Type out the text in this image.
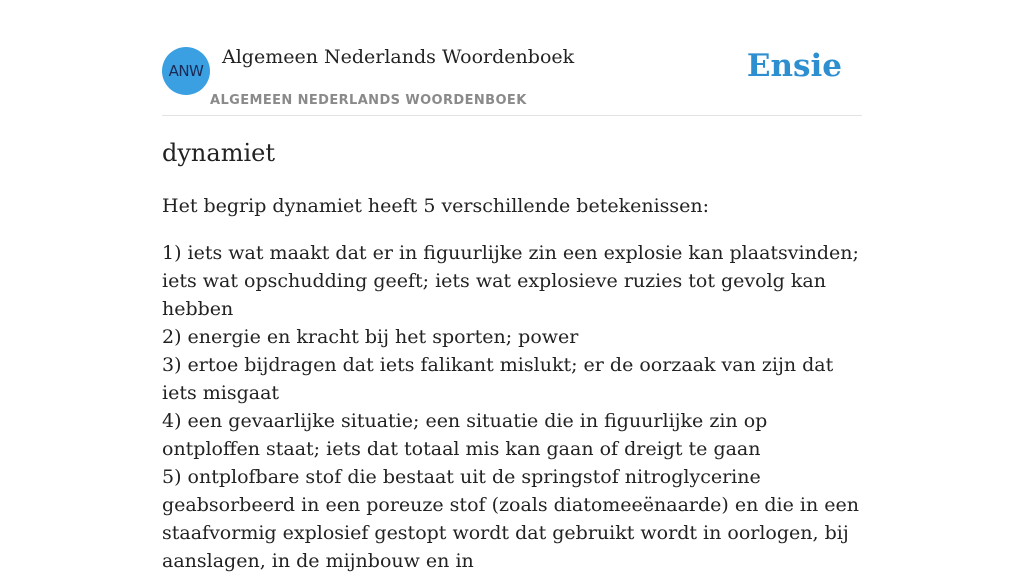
ANW
Algemeen Nederlands Woordenboek
ALGEMEEN NEDERLANDS WOORDENBOEK
Ensie
dynamiet

Het begrip dynamiet heeft 5 verschillende betekenissen:

1) iets wat maakt dat er in figuurlijke zin een explosie kan plaatsvinden; iets wat opschudding geeft; iets wat explosieve ruzies tot gevolg kan hebben
2) energie en kracht bij het sporten; power
3) ertoe bijdragen dat iets falikant mislukt; er de oorzaak van zijn dat iets misgaat
4) een gevaarlijke situatie; een situatie die in figuurlijke zin op ontploffen staat; iets dat totaal mis kan gaan of dreigt te gaan
5) ontplofbare stof die bestaat uit de springstof nitroglycerine geabsorbeerd in een poreuze stof (zoals diatomeeënaarde) en die in een staafvormig explosief gestopt wordt dat gebruikt wordt in oorlogen, bij aanslagen, in de mijnbouw en in
